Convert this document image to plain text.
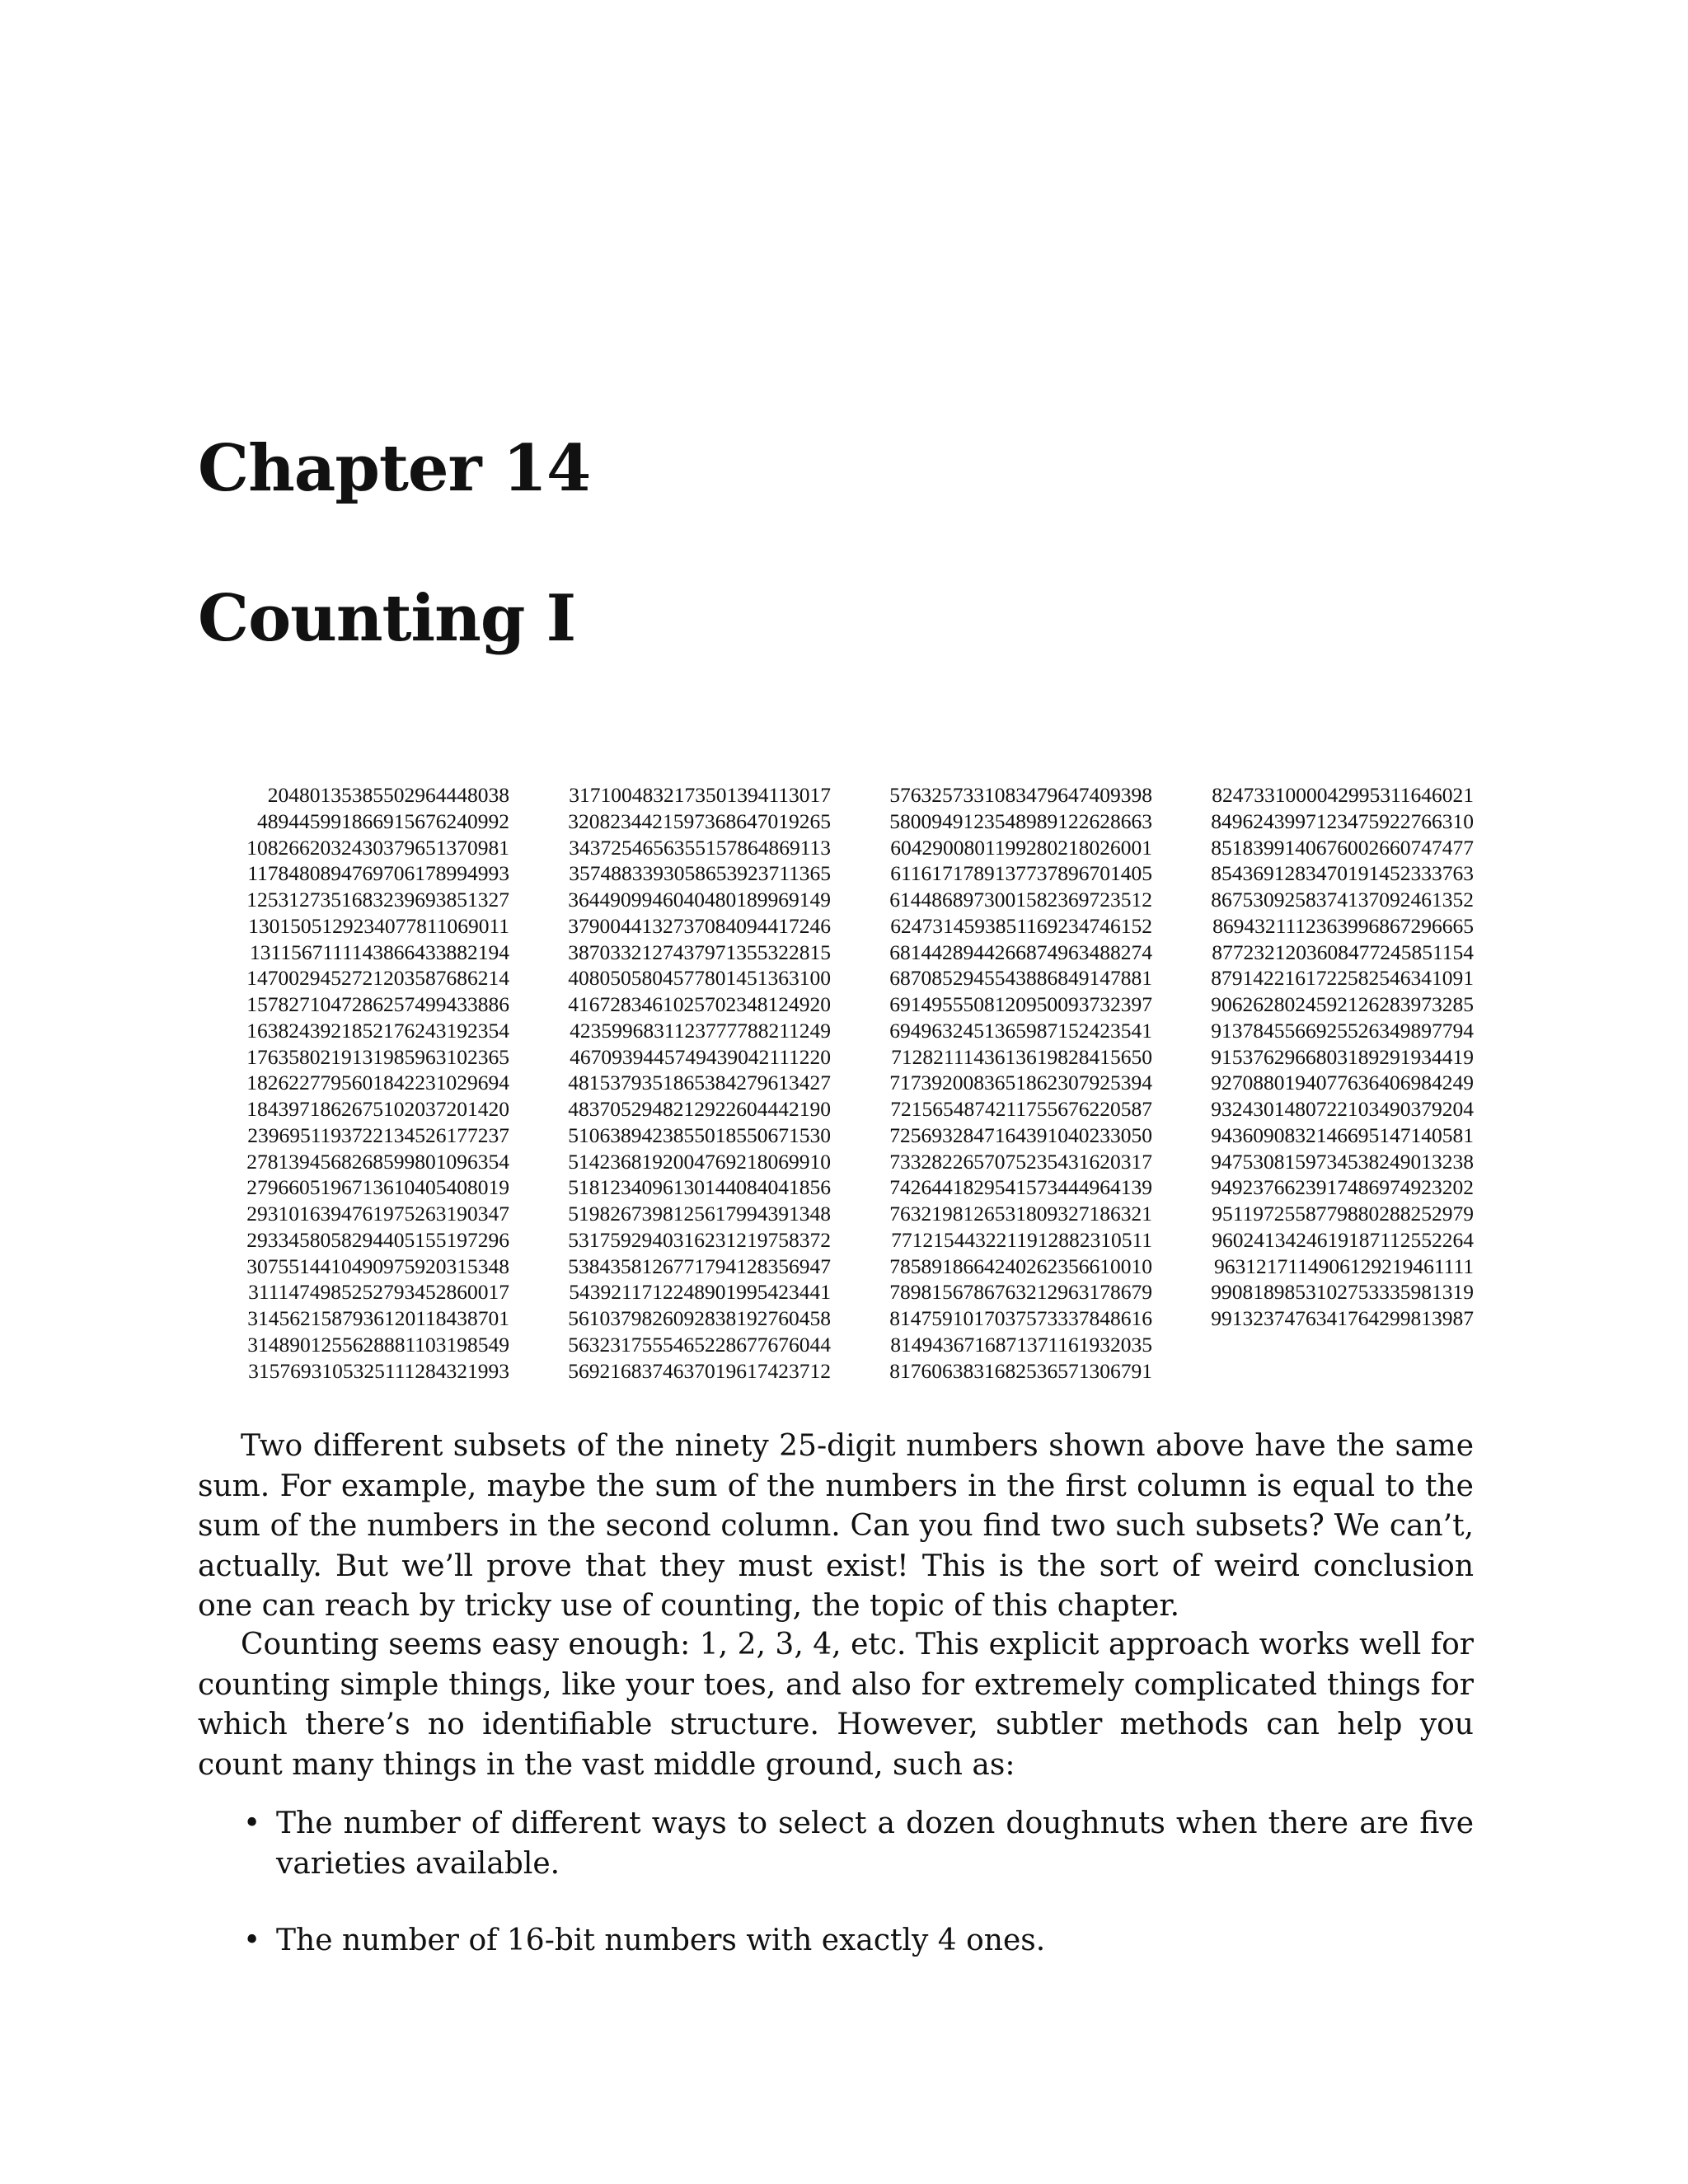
Chapter 14
Counting I
20480135385502964448038
489445991866915676240992
1082662032430379651370981
1178480894769706178994993
1253127351683239693851327
1301505129234077811069011
1311567111143866433882194
1470029452721203587686214
1578271047286257499433886
1638243921852176243192354
1763580219131985963102365
1826227795601842231029694
1843971862675102037201420
2396951193722134526177237
2781394568268599801096354
2796605196713610405408019
2931016394761975263190347
2933458058294405155197296
3075514410490975920315348
3111474985252793452860017
3145621587936120118438701
3148901255628881103198549
3157693105325111284321993
3171004832173501394113017
3208234421597368647019265
3437254656355157864869113
3574883393058653923711365
3644909946040480189969149
3790044132737084094417246
3870332127437971355322815
4080505804577801451363100
4167283461025702348124920
4235996831123777788211249
4670939445749439042111220
4815379351865384279613427
4837052948212922604442190
5106389423855018550671530
5142368192004769218069910
5181234096130144084041856
5198267398125617994391348
5317592940316231219758372
5384358126771794128356947
5439211712248901995423441
5610379826092838192760458
5632317555465228677676044
5692168374637019617423712
5763257331083479647409398
5800949123548989122628663
6042900801199280218026001
6116171789137737896701405
6144868973001582369723512
6247314593851169234746152
6814428944266874963488274
6870852945543886849147881
6914955508120950093732397
6949632451365987152423541
7128211143613619828415650
7173920083651862307925394
7215654874211755676220587
7256932847164391040233050
7332822657075235431620317
7426441829541573444964139
7632198126531809327186321
7712154432211912882310511
7858918664240262356610010
7898156786763212963178679
8147591017037573337848616
8149436716871371161932035
8176063831682536571306791
8247331000042995311646021
8496243997123475922766310
8518399140676002660747477
8543691283470191452333763
8675309258374137092461352
8694321112363996867296665
8772321203608477245851154
8791422161722582546341091
9062628024592126283973285
9137845566925526349897794
9153762966803189291934419
9270880194077636406984249
9324301480722103490379204
9436090832146695147140581
9475308159734538249013238
9492376623917486974923202
9511972558779880288252979
9602413424619187112552264
9631217114906129219461111
9908189853102753335981319
9913237476341764299813987

Two different subsets of the ninety 25-digit numbers shown above have the same sum. For example, maybe the sum of the numbers in the first column is equal to the sum of the numbers in the second column. Can you find two such subsets? We can’t, actually. But we’ll prove that they must exist! This is the sort of weird conclusion one can reach by tricky use of counting, the topic of this chapter.

Counting seems easy enough: 1, 2, 3, 4, etc. This explicit approach works well for counting simple things, like your toes, and also for extremely complicated things for which there’s no identifiable structure. However, subtler methods can help you count many things in the vast middle ground, such as:

• The number of different ways to select a dozen doughnuts when there are five varieties available.
• The number of 16-bit numbers with exactly 4 ones.
